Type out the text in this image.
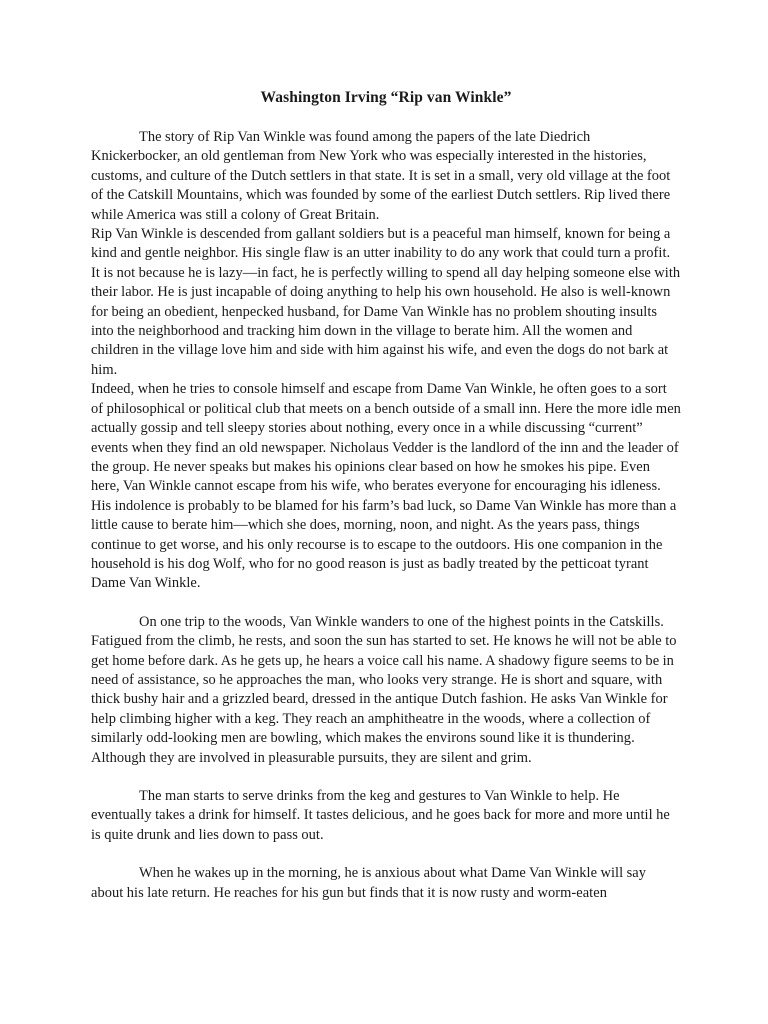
Washington Irving “Rip van Winkle”

The story of Rip Van Winkle was found among the papers of the late Diedrich Knickerbocker, an old gentleman from New York who was especially interested in the histories, customs, and culture of the Dutch settlers in that state. It is set in a small, very old village at the foot of the Catskill Mountains, which was founded by some of the earliest Dutch settlers. Rip lived there while America was still a colony of Great Britain.

Rip Van Winkle is descended from gallant soldiers but is a peaceful man himself, known for being a kind and gentle neighbor. His single flaw is an utter inability to do any work that could turn a profit. It is not because he is lazy—in fact, he is perfectly willing to spend all day helping someone else with their labor. He is just incapable of doing anything to help his own household. He also is well-known for being an obedient, henpecked husband, for Dame Van Winkle has no problem shouting insults into the neighborhood and tracking him down in the village to berate him. All the women and children in the village love him and side with him against his wife, and even the dogs do not bark at him.

Indeed, when he tries to console himself and escape from Dame Van Winkle, he often goes to a sort of philosophical or political club that meets on a bench outside of a small inn. Here the more idle men actually gossip and tell sleepy stories about nothing, every once in a while discussing “current” events when they find an old newspaper. Nicholaus Vedder is the landlord of the inn and the leader of the group. He never speaks but makes his opinions clear based on how he smokes his pipe. Even here, Van Winkle cannot escape from his wife, who berates everyone for encouraging his idleness.

His indolence is probably to be blamed for his farm’s bad luck, so Dame Van Winkle has more than a little cause to berate him—which she does, morning, noon, and night. As the years pass, things continue to get worse, and his only recourse is to escape to the outdoors. His one companion in the household is his dog Wolf, who for no good reason is just as badly treated by the petticoat tyrant Dame Van Winkle.

On one trip to the woods, Van Winkle wanders to one of the highest points in the Catskills. Fatigued from the climb, he rests, and soon the sun has started to set. He knows he will not be able to get home before dark. As he gets up, he hears a voice call his name. A shadowy figure seems to be in need of assistance, so he approaches the man, who looks very strange. He is short and square, with thick bushy hair and a grizzled beard, dressed in the antique Dutch fashion. He asks Van Winkle for help climbing higher with a keg. They reach an amphitheatre in the woods, where a collection of similarly odd-looking men are bowling, which makes the environs sound like it is thundering. Although they are involved in pleasurable pursuits, they are silent and grim.

The man starts to serve drinks from the keg and gestures to Van Winkle to help. He eventually takes a drink for himself. It tastes delicious, and he goes back for more and more until he is quite drunk and lies down to pass out.

When he wakes up in the morning, he is anxious about what Dame Van Winkle will say about his late return. He reaches for his gun but finds that it is now rusty and worm-eaten
